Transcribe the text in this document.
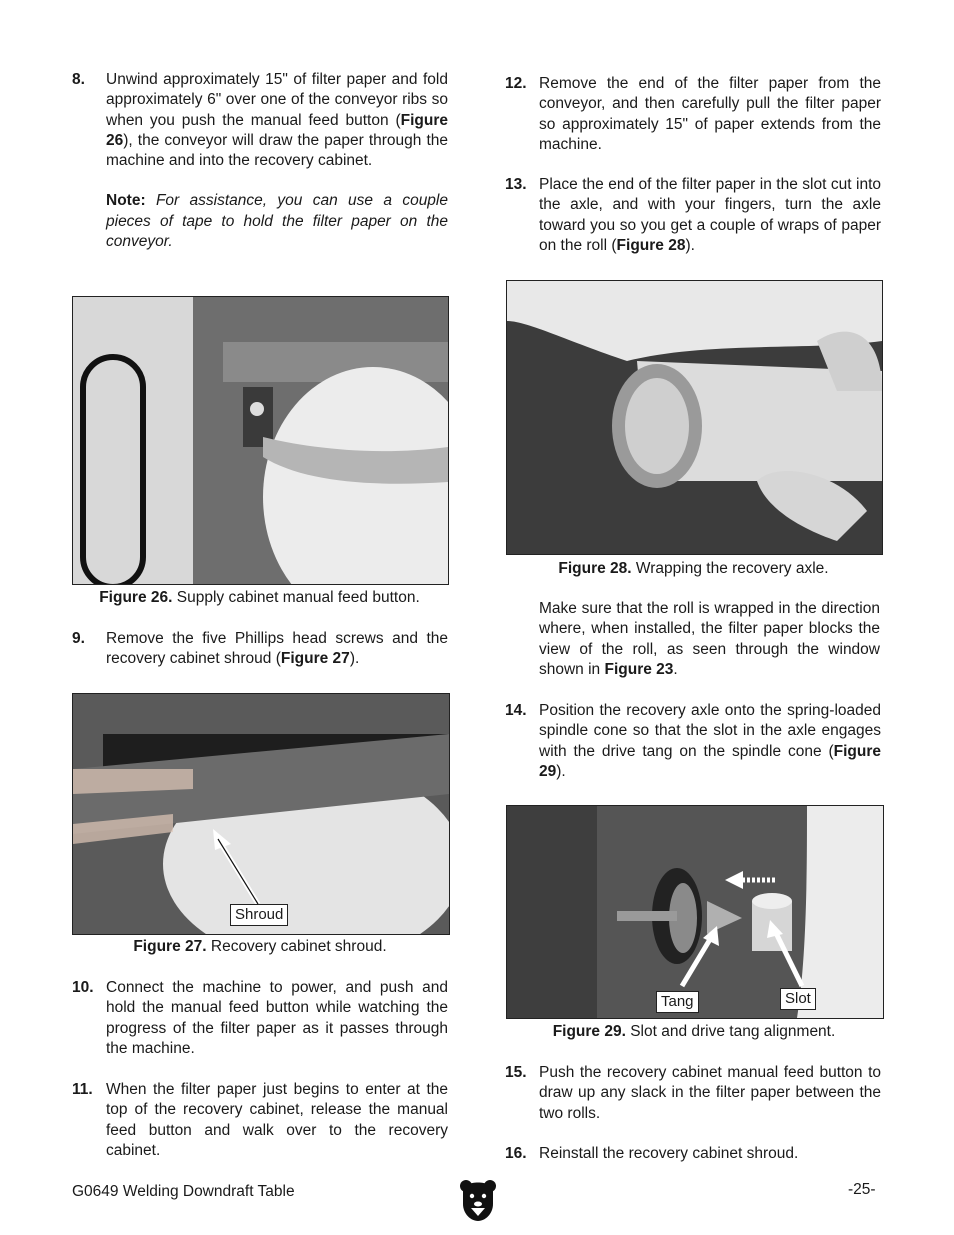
8. Unwind approximately 15" of filter paper and fold approximately 6" over one of the conveyor ribs so when you push the manual feed button (Figure 26), the conveyor will draw the paper through the machine and into the recovery cabinet.
Note: For assistance, you can use a couple pieces of tape to hold the filter paper on the conveyor.
Figure 26. Supply cabinet manual feed button.
9. Remove the five Phillips head screws and the recovery cabinet shroud (Figure 27).
Shroud
Figure 27. Recovery cabinet shroud.
10. Connect the machine to power, and push and hold the manual feed button while watching the progress of the filter paper as it passes through the machine.
11. When the filter paper just begins to enter at the top of the recovery cabinet, release the manual feed button and walk over to the recovery cabinet.
12. Remove the end of the filter paper from the conveyor, and then carefully pull the filter paper so approximately 15" of paper extends from the machine.
13. Place the end of the filter paper in the slot cut into the axle, and with your fingers, turn the axle toward you so you get a couple of wraps of paper on the roll (Figure 28).
Figure 28. Wrapping the recovery axle.
Make sure that the roll is wrapped in the direction where, when installed, the filter paper blocks the view of the roll, as seen through the window shown in Figure 23.
14. Position the recovery axle onto the spring-loaded spindle cone so that the slot in the axle engages with the drive tang on the spindle cone (Figure 29).
Tang	Slot
Figure 29. Slot and drive tang alignment.
15. Push the recovery cabinet manual feed button to draw up any slack in the filter paper between the two rolls.
16. Reinstall the recovery cabinet shroud.
G0649 Welding Downdraft Table	-25-
